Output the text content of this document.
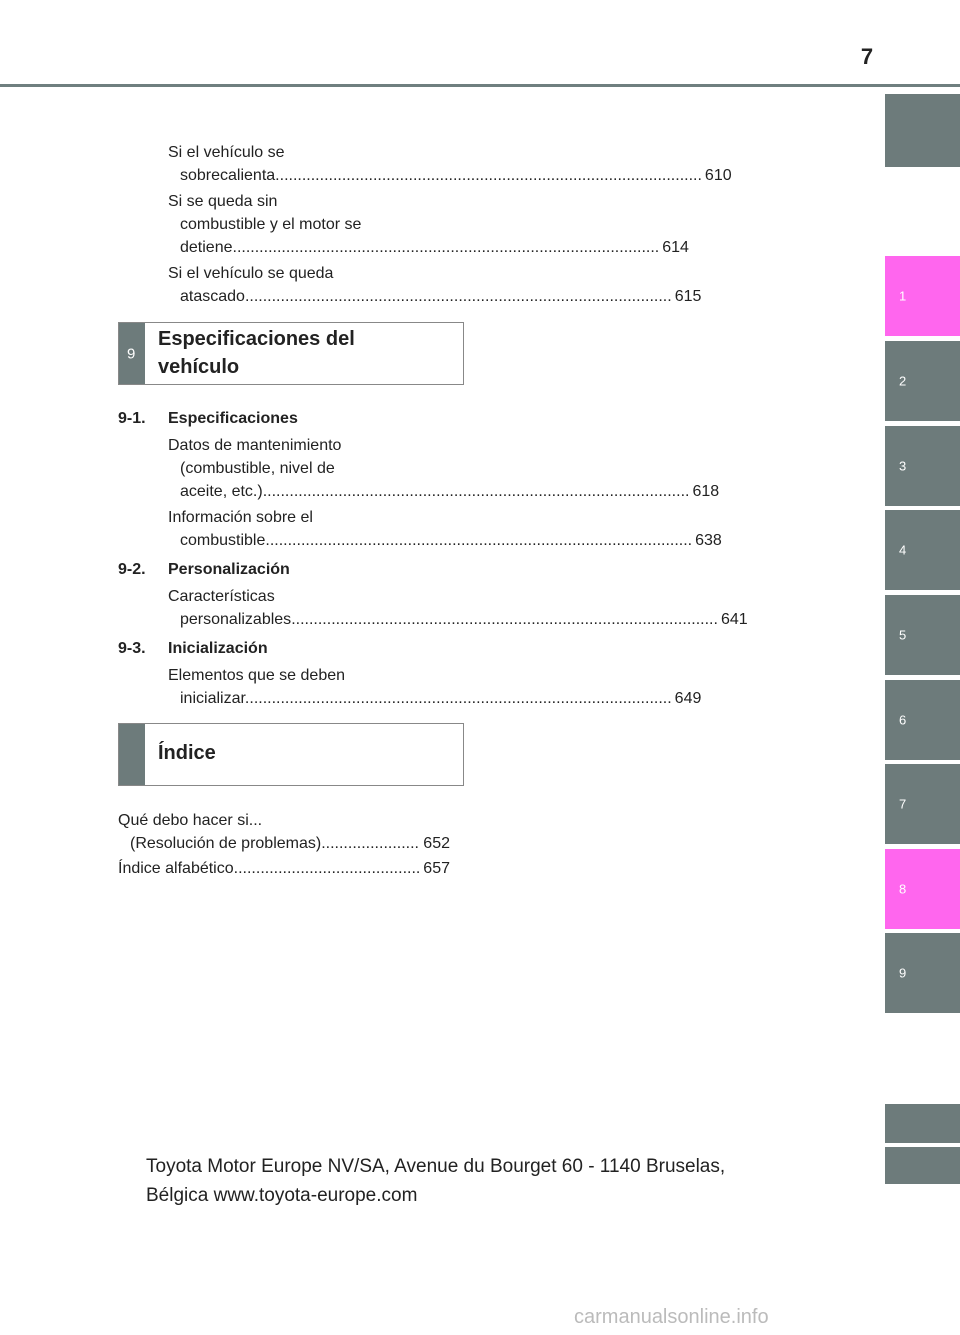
7
1
2
3
4
5
6
7
8
9
Si el vehículo se
sobrecalienta .....	610
Si se queda sin
combustible y el motor se
detiene .....	614
Si el vehículo se queda
atascado .....	615
9
Especificaciones del
vehículo
9-1. Especificaciones
Datos de mantenimiento
(combustible, nivel de
aceite, etc.) .....	618
Información sobre el
combustible .....	638
9-2. Personalización
Características
personalizables .....	641
9-3. Inicialización
Elementos que se deben
inicializar .....	649
Índice
Qué debo hacer si...
(Resolución de problemas) .....	652
Índice alfabético .....	657
Toyota Motor Europe NV/SA, Avenue du Bourget 60 - 1140 Bruselas,
Bélgica www.toyota-europe.com
carmanualsonline.info
